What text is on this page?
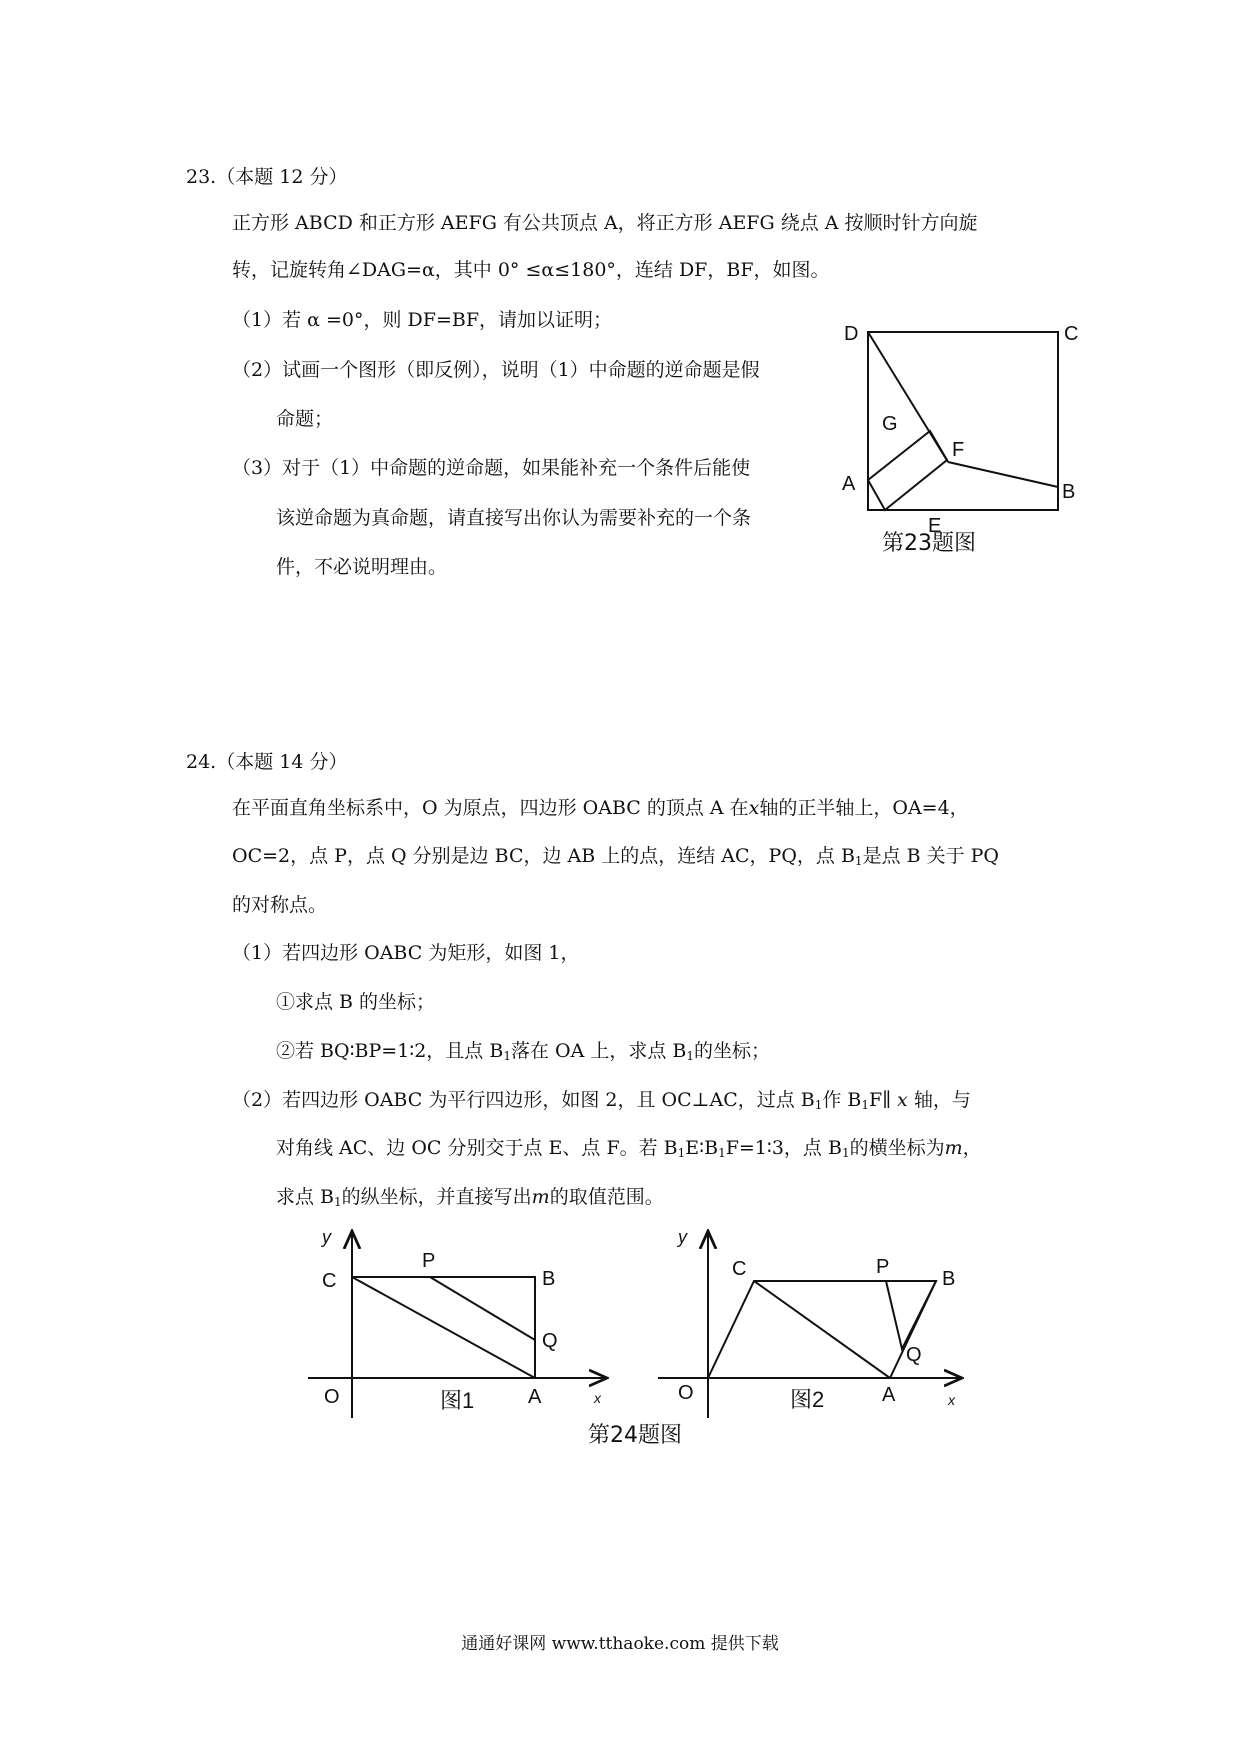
23.（本题 12 分）
正方形 ABCD 和正方形 AEFG 有公共顶点 A，将正方形 AEFG 绕点 A 按顺时针方向旋
转，记旋转角∠DAG=α，其中 0° ≤α≤180°，连结 DF，BF，如图。
（1）若 α =0°，则 DF=BF，请加以证明；
（2）试画一个图形（即反例），说明（1）中命题的逆命题是假
命题；
（3）对于（1）中命题的逆命题，如果能补充一个条件后能使
该逆命题为真命题，请直接写出你认为需要补充的一个条
件，不必说明理由。
D	C
G
F
A	B
E
第23题图
24.（本题 14 分）
在平面直角坐标系中，O 为原点，四边形 OABC 的顶点 A 在x轴的正半轴上，OA=4，
OC=2，点 P，点 Q 分别是边 BC，边 AB 上的点，连结 AC，PQ，点 $B_1$是点 B 关于 PQ
的对称点。
（1）若四边形 OABC 为矩形，如图 1，
①求点 B 的坐标；
②若 BQ∶BP=1∶2，且点 $B_1$落在 OA 上，求点 $B_1$的坐标；
（2）若四边形 OABC 为平行四边形，如图 2，且 OC⊥AC，过点 $B_1$作 $B_1F\parallel$ x 轴，与
对角线 AC、边 OC 分别交于点 E、点 F。若 $B_1E∶B_1F=1∶3$，点 $B_1$的横坐标为m，
求点 $B_1$的纵坐标，并直接写出m的取值范围。
y
C
P
B
Q
O	A	x
图1
y
C	P
B
Q
O	A	x
图2
第24题图
通通好课网 www.tthaoke.com 提供下载
